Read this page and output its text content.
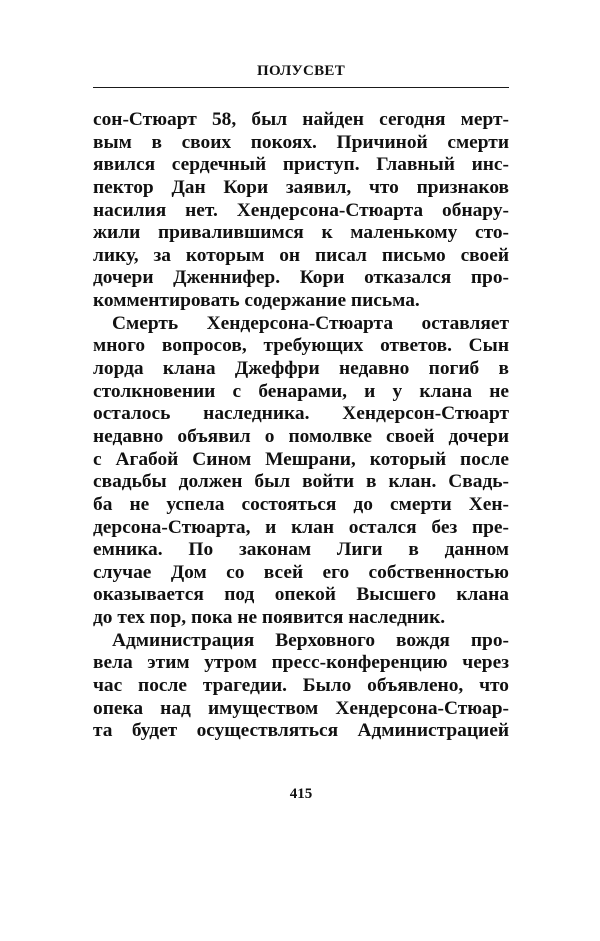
ПОЛУСВЕТ
сон-Стюарт 58, был найден сегодня мерт-
вым в своих покоях. Причиной смерти
явился сердечный приступ. Главный инс-
пектор Дан Кори заявил, что признаков
насилия нет. Хендерсона-Стюарта обнару-
жили привалившимся к маленькому сто-
лику, за которым он писал письмо своей
дочери Дженнифер. Кори отказался про-
комментировать содержание письма.
Смерть Хендерсона-Стюарта оставляет
много вопросов, требующих ответов. Сын
лорда клана Джеффри недавно погиб в
столкновении с бенарами, и у клана не
осталось наследника. Хендерсон-Стюарт
недавно объявил о помолвке своей дочери
с Агабой Сином Мешрани, который после
свадьбы должен был войти в клан. Свадь-
ба не успела состояться до смерти Хен-
дерсона-Стюарта, и клан остался без пре-
емника. По законам Лиги в данном
случае Дом со всей его собственностью
оказывается под опекой Высшего клана
до тех пор, пока не появится наследник.
Администрация Верховного вождя про-
вела этим утром пресс-конференцию через
час после трагедии. Было объявлено, что
опека над имуществом Хендерсона-Стюар-
та будет осуществляться Администрацией
415
